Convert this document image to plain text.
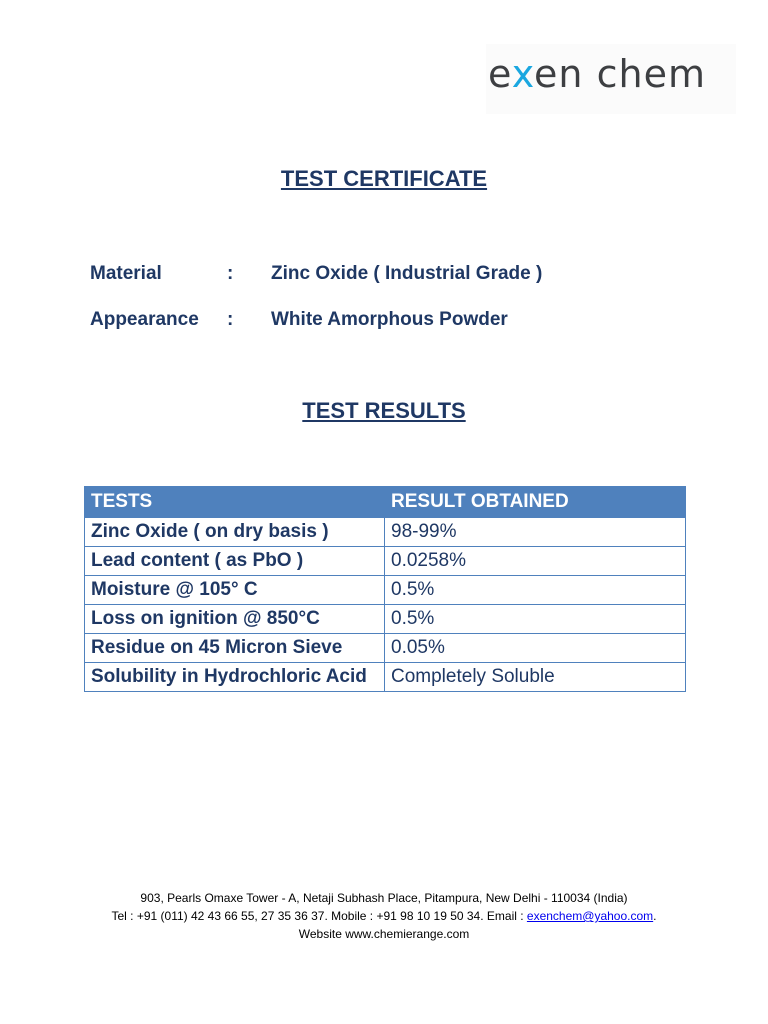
exen chem
TEST CERTIFICATE
Material	: Zinc Oxide ( Industrial Grade )
Appearance : White Amorphous Powder
TEST RESULTS
TESTS	RESULT OBTAINED
Zinc Oxide ( on dry basis )	98-99%
Lead content ( as PbO )	0.0258%
Moisture @ 105° C	0.5%
Loss on ignition @ 850°C	0.5%
Residue on 45 Micron Sieve	0.05%
Solubility in Hydrochloric Acid	Completely Soluble
903, Pearls Omaxe Tower - A, Netaji Subhash Place, Pitampura, New Delhi - 110034 (India)
Tel : +91 (011) 42 43 66 55, 27 35 36 37. Mobile : +91 98 10 19 50 34. Email : exenchem@yahoo.com.
Website www.chemierange.com
